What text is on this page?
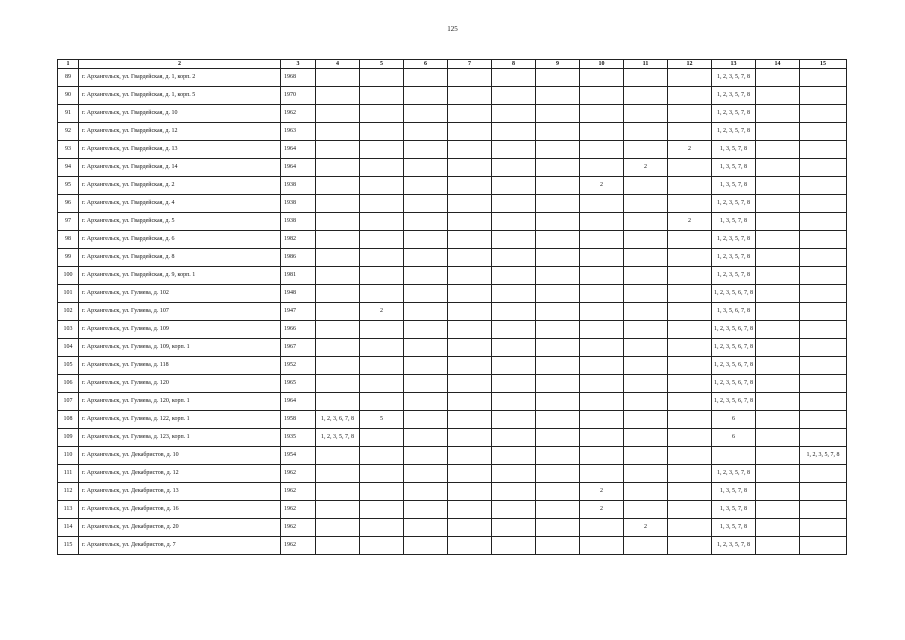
125
1	2	3	4	5	6	7	8	9	10	11	12	13	14	15

89	г. Архангельск, ул. Гвардейская, д. 1, корп. 2	1968										1, 2, 3, 5, 7, 8		

90	г. Архангельск, ул. Гвардейская, д. 1, корп. 5	1970										1, 2, 3, 5, 7, 8		

91	г. Архангельск, ул. Гвардейская, д. 10	1962										1, 2, 3, 5, 7, 8		

92	г. Архангельск, ул. Гвардейская, д. 12	1963										1, 2, 3, 5, 7, 8		

93	г. Архангельск, ул. Гвардейская, д. 13	1964									2	1, 3, 5, 7, 8		

94	г. Архангельск, ул. Гвардейская, д. 14	1964								2		1, 3, 5, 7, 8		

95	г. Архангельск, ул. Гвардейская, д. 2	1938							2			1, 3, 5, 7, 8		

96	г. Архангельск, ул. Гвардейская, д. 4	1938										1, 2, 3, 5, 7, 8		

97	г. Архангельск, ул. Гвардейская, д. 5	1938									2	1, 3, 5, 7, 8		

98	г. Архангельск, ул. Гвардейская, д. 6	1982										1, 2, 3, 5, 7, 8		

99	г. Архангельск, ул. Гвардейская, д. 8	1986										1, 2, 3, 5, 7, 8		

100	г. Архангельск, ул. Гвардейская, д. 9, корп. 1	1981										1, 2, 3, 5, 7, 8		

101	г. Архангельск, ул. Гуляева, д. 102	1948										1, 2, 3, 5, 6, 7, 8		

102	г. Архангельск, ул. Гуляева, д. 107	1947		2								1, 3, 5, 6, 7, 8		

103	г. Архангельск, ул. Гуляева, д. 109	1966										1, 2, 3, 5, 6, 7, 8		

104	г. Архангельск, ул. Гуляева, д. 109, корп. 1	1967										1, 2, 3, 5, 6, 7, 8		

105	г. Архангельск, ул. Гуляева, д. 118	1952										1, 2, 3, 5, 6, 7, 8		

106	г. Архангельск, ул. Гуляева, д. 120	1965										1, 2, 3, 5, 6, 7, 8		

107	г. Архангельск, ул. Гуляева, д. 120, корп. 1	1964										1, 2, 3, 5, 6, 7, 8		

108	г. Архангельск, ул. Гуляева, д. 122, корп. 1	1958	1, 2, 3, 6, 7, 8	5								6		

109	г. Архангельск, ул. Гуляева, д. 123, корп. 1	1935	1, 2, 3, 5, 7, 8									6		

110	г. Архангельск, ул. Декабристов, д. 10	1954												1, 2, 3, 5, 7, 8

111	г. Архангельск, ул. Декабристов, д. 12	1962										1, 2, 3, 5, 7, 8		

112	г. Архангельск, ул. Декабристов, д. 13	1962							2			1, 3, 5, 7, 8		

113	г. Архангельск, ул. Декабристов, д. 16	1962							2			1, 3, 5, 7, 8		

114	г. Архангельск, ул. Декабристов, д. 20	1962								2		1, 3, 5, 7, 8		

115	г. Архангельск, ул. Декабристов, д. 7	1962										1, 2, 3, 5, 7, 8		
